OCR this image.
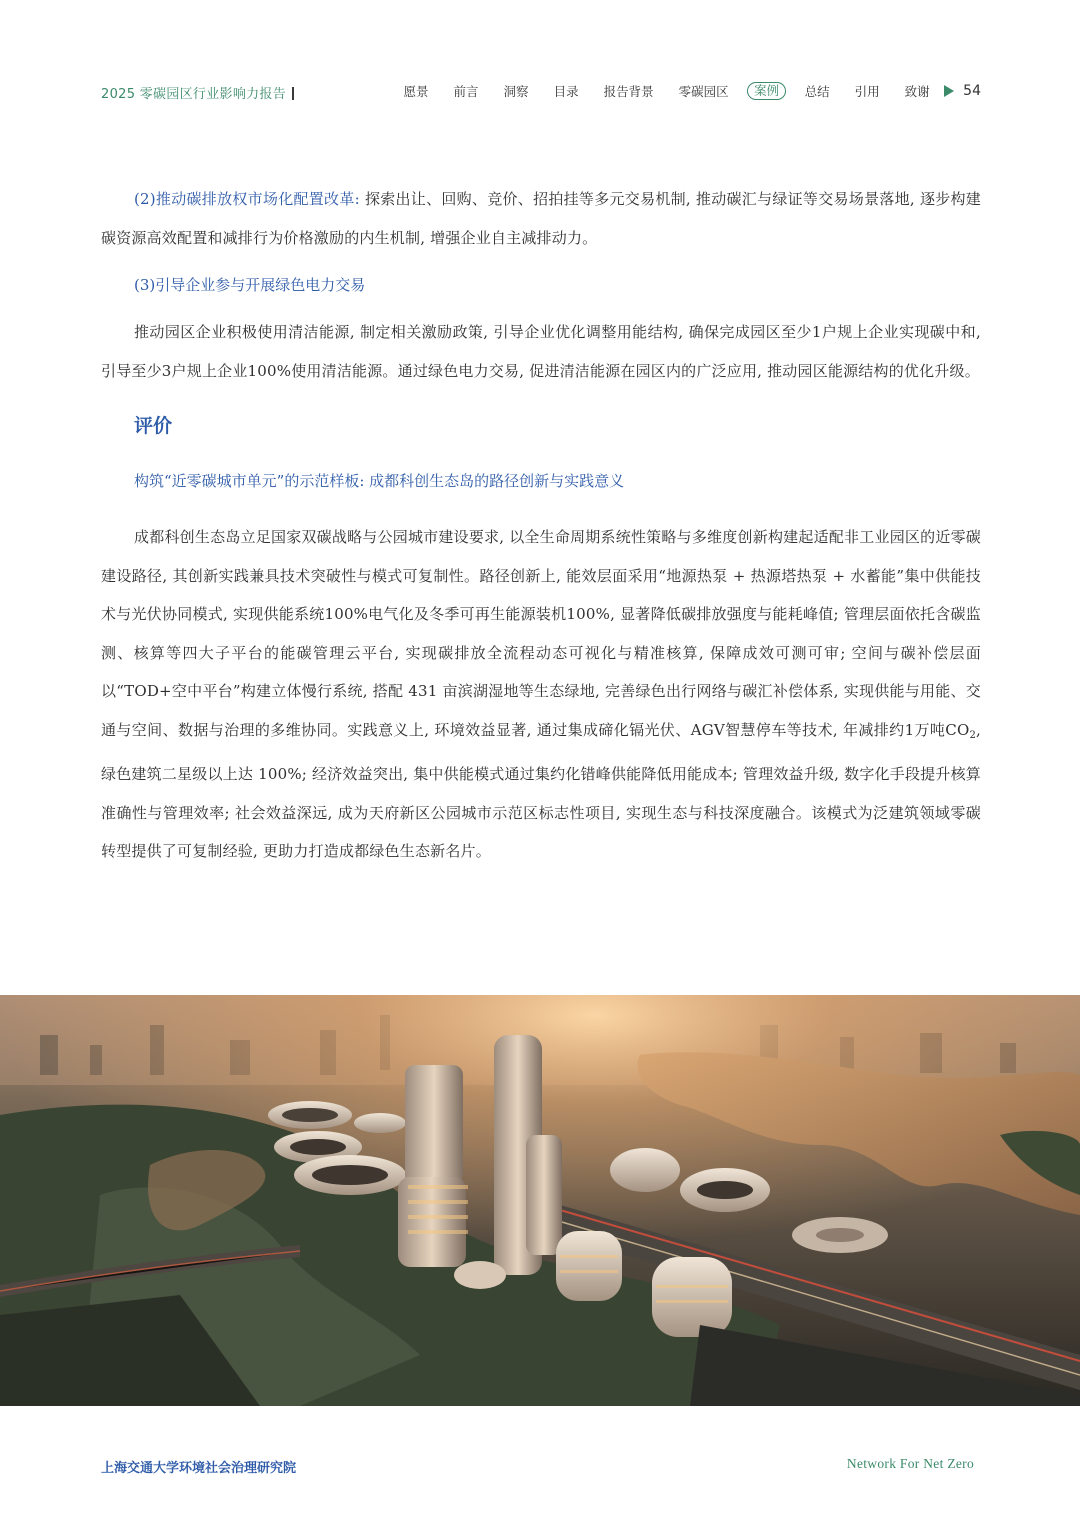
2025 零碳园区行业影响力报告	愿景	前言	洞察	目录	报告背景	零碳园区	案例	总结	引用	致谢	54

(2)推动碳排放权市场化配置改革: 探索出让、回购、竞价、招拍挂等多元交易机制, 推动碳汇与绿证等交易场景落地, 逐步构建碳资源高效配置和减排行为价格激励的内生机制, 增强企业自主减排动力。

(3)引导企业参与开展绿色电力交易

推动园区企业积极使用清洁能源, 制定相关激励政策, 引导企业优化调整用能结构, 确保完成园区至少1户规上企业实现碳中和, 引导至少3户规上企业100%使用清洁能源。通过绿色电力交易, 促进清洁能源在园区内的广泛应用, 推动园区能源结构的优化升级。

评价

构筑“近零碳城市单元”的示范样板: 成都科创生态岛的路径创新与实践意义

成都科创生态岛立足国家双碳战略与公园城市建设要求, 以全生命周期系统性策略与多维度创新构建起适配非工业园区的近零碳建设路径, 其创新实践兼具技术突破性与模式可复制性。路径创新上, 能效层面采用“地源热泵 + 热源塔热泵 + 水蓄能”集中供能技术与光伏协同模式, 实现供能系统100%电气化及冬季可再生能源装机100%, 显著降低碳排放强度与能耗峰值; 管理层面依托含碳监测、核算等四大子平台的能碳管理云平台, 实现碳排放全流程动态可视化与精准核算, 保障成效可测可审; 空间与碳补偿层面以“TOD+空中平台”构建立体慢行系统, 搭配 431 亩滨湖湿地等生态绿地, 完善绿色出行网络与碳汇补偿体系, 实现供能与用能、交通与空间、数据与治理的多维协同。实践意义上, 环境效益显著, 通过集成碲化镉光伏、AGV智慧停车等技术, 年减排约1万吨$CO_2$, 绿色建筑二星级以上达 100%; 经济效益突出, 集中供能模式通过集约化错峰供能降低用能成本; 管理效益升级, 数字化手段提升核算准确性与管理效率; 社会效益深远, 成为天府新区公园城市示范区标志性项目, 实现生态与科技深度融合。该模式为泛建筑领域零碳转型提供了可复制经验, 更助力打造成都绿色生态新名片。

上海交通大学环境社会治理研究院	Network For Net Zero
